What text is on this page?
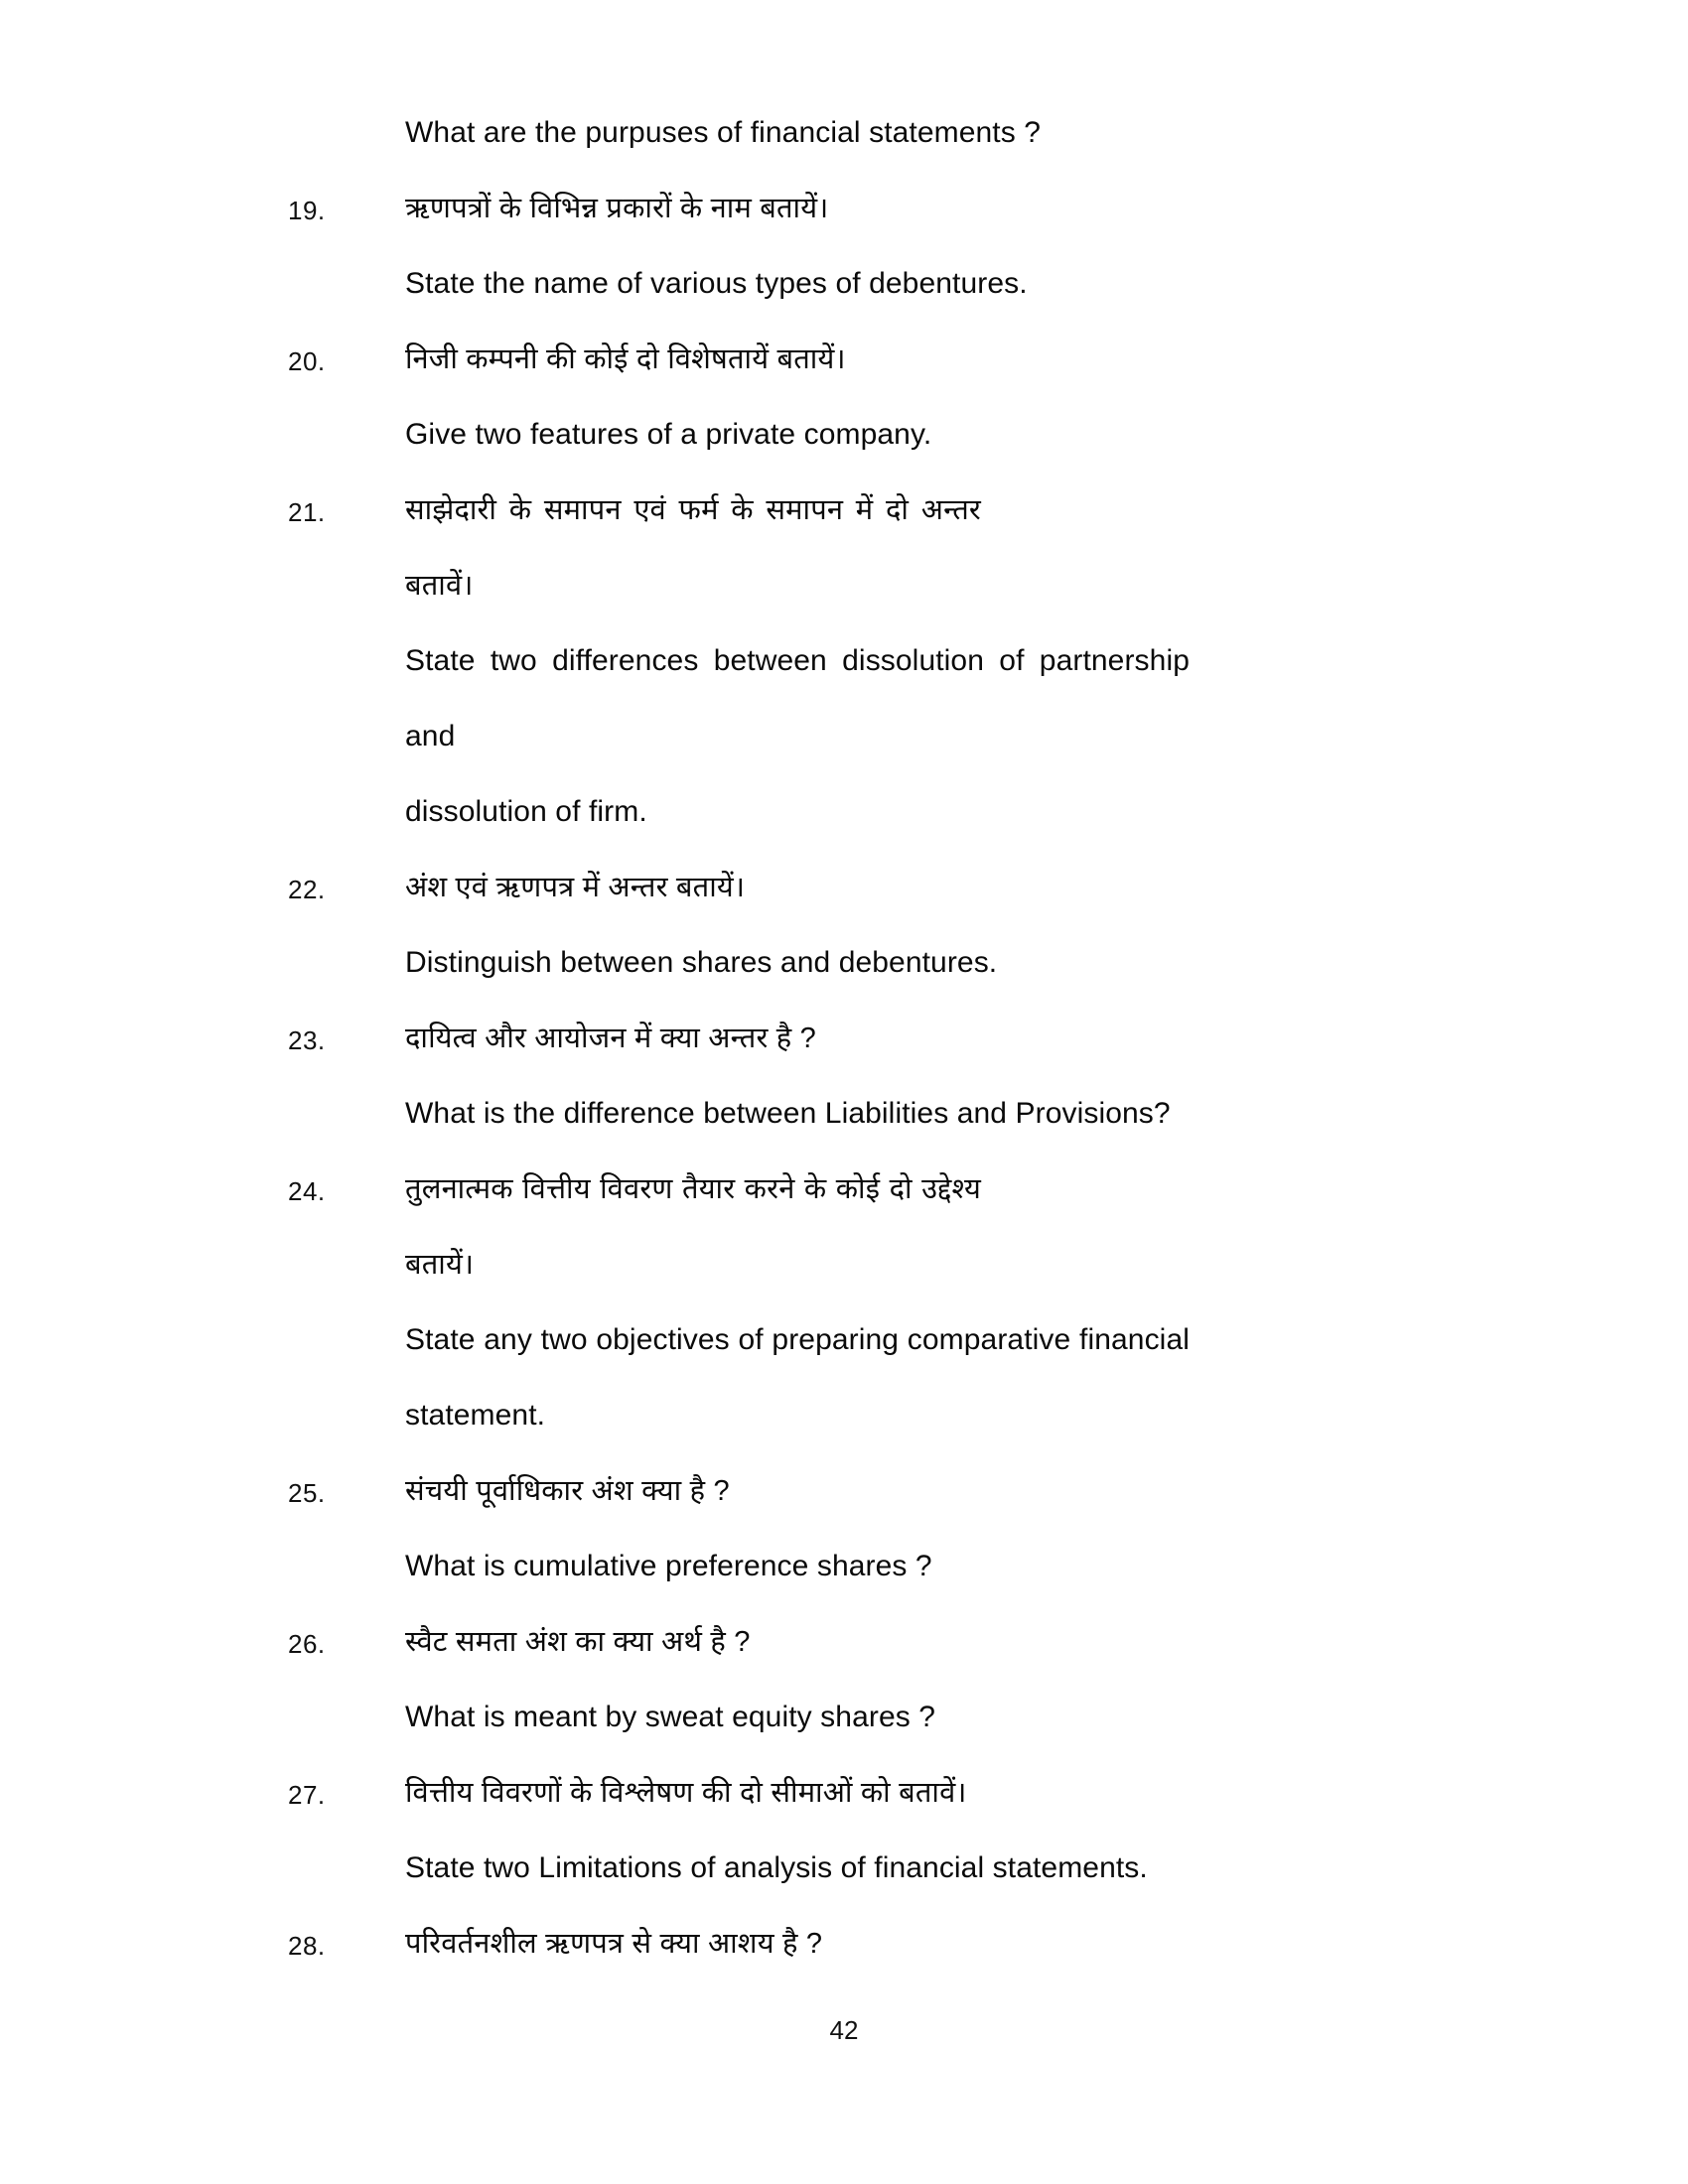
What are the purpuses of financial statements ?
19.	ऋणपत्रों के विभिन्न प्रकारों के नाम बतायें।
State the name of various types of debentures.
20.	निजी कम्पनी की कोई दो विशेषतायें बतायें।
Give two features of a private company.
21.	साझेदारी के समापन एवं फर्म के समापन में दो अन्तर बतावें।
State two differences between dissolution of partnership and
dissolution of firm.
22.	अंश एवं ऋणपत्र में अन्तर बतायें।
Distinguish between shares and debentures.
23.	दायित्व और आयोजन में क्या अन्तर है ?
What is the difference between Liabilities and Provisions?
24.	तुलनात्मक वित्तीय विवरण तैयार करने के कोई दो उद्देश्य बतायें।
State any two objectives of preparing comparative financial
statement.
25.	संचयी पूर्वाधिकार अंश क्या है ?
What is cumulative preference shares ?
26.	स्वैट समता अंश का क्या अर्थ है ?
What is meant by sweat equity shares ?
27.	वित्तीय विवरणों के विश्लेषण की दो सीमाओं को बतावें।
State two Limitations of analysis of financial statements.
28.	परिवर्तनशील ऋणपत्र से क्या आशय है ?
42
